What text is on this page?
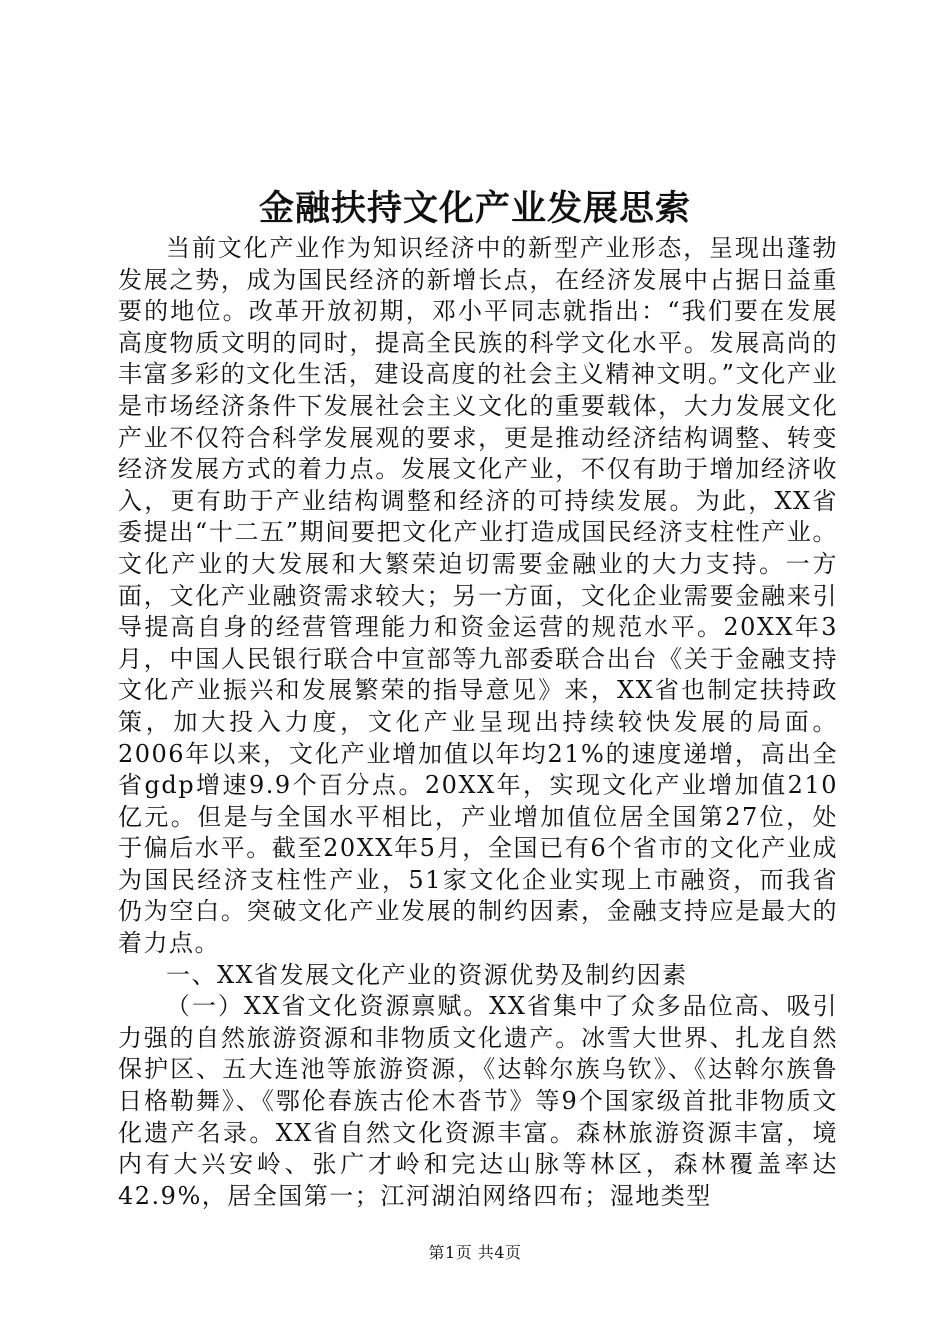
金融扶持文化产业发展思索

当前文化产业作为知识经济中的新型产业形态，呈现出蓬勃发展之势，成为国民经济的新增长点，在经济发展中占据日益重要的地位。改革开放初期，邓小平同志就指出：“我们要在发展高度物质文明的同时，提高全民族的科学文化水平。发展高尚的丰富多彩的文化生活，建设高度的社会主义精神文明。”文化产业是市场经济条件下发展社会主义文化的重要载体，大力发展文化产业不仅符合科学发展观的要求，更是推动经济结构调整、转变经济发展方式的着力点。发展文化产业，不仅有助于增加经济收入，更有助于产业结构调整和经济的可持续发展。为此，XX省委提出“十二五”期间要把文化产业打造成国民经济支柱性产业。文化产业的大发展和大繁荣迫切需要金融业的大力支持。一方面，文化产业融资需求较大；另一方面，文化企业需要金融来引导提高自身的经营管理能力和资金运营的规范水平。20XX年3月，中国人民银行联合中宣部等九部委联合出台《关于金融支持文化产业振兴和发展繁荣的指导意见》来，XX省也制定扶持政策，加大投入力度，文化产业呈现出持续较快发展的局面。2006年以来，文化产业增加值以年均21%的速度递增，高出全省gdp增速9.9个百分点。20XX年，实现文化产业增加值210亿元。但是与全国水平相比，产业增加值位居全国第27位，处于偏后水平。截至20XX年5月，全国已有6个省市的文化产业成为国民经济支柱性产业，51家文化企业实现上市融资，而我省仍为空白。突破文化产业发展的制约因素，金融支持应是最大的着力点。

一、XX省发展文化产业的资源优势及制约因素

（一）XX省文化资源禀赋。XX省集中了众多品位高、吸引力强的自然旅游资源和非物质文化遗产。冰雪大世界、扎龙自然保护区、五大连池等旅游资源，《达斡尔族乌钦》、《达斡尔族鲁日格勒舞》、《鄂伦春族古伦木沓节》等9个国家级首批非物质文化遗产名录。XX省自然文化资源丰富。森林旅游资源丰富，境内有大兴安岭、张广才岭和完达山脉等林区，森林覆盖率达42.9%，居全国第一；江河湖泊网络四布；湿地类型

第1页 共4页
